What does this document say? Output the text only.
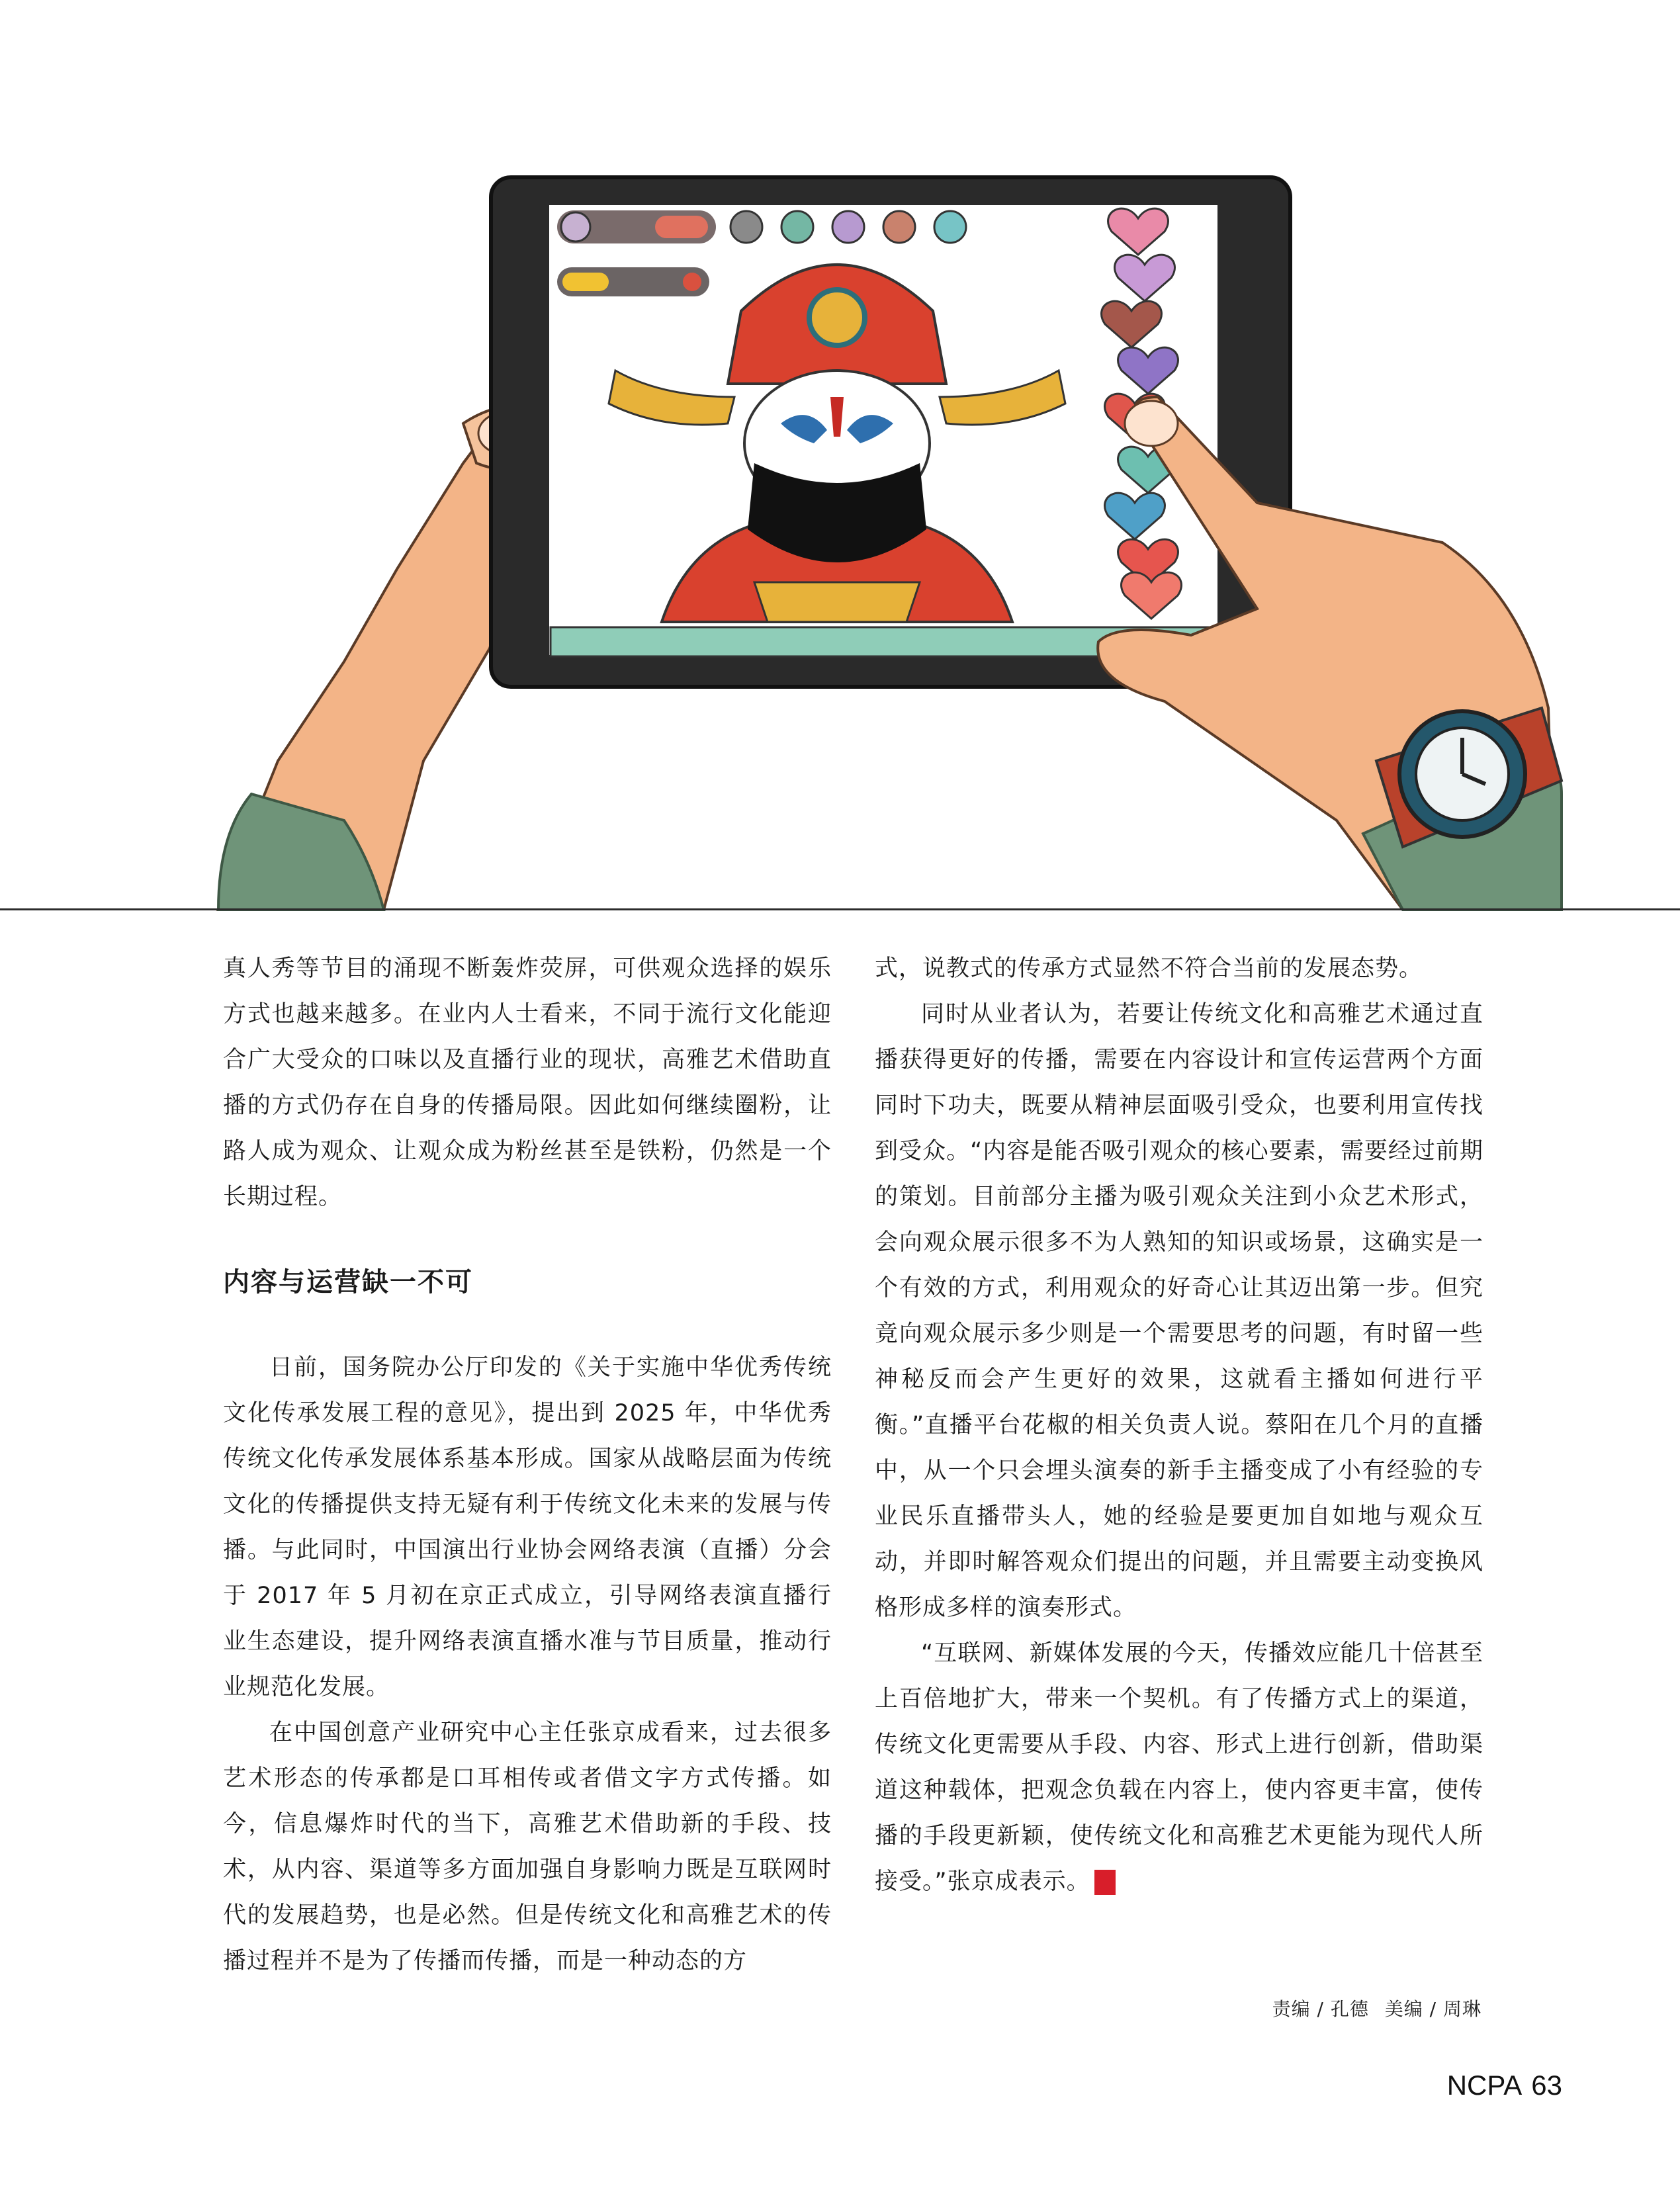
真人秀等节目的涌现不断轰炸荧屏，可供观众选择的娱乐方式也越来越多。在业内人士看来，不同于流行文化能迎合广大受众的口味以及直播行业的现状，高雅艺术借助直播的方式仍存在自身的传播局限。因此如何继续圈粉，让路人成为观众、让观众成为粉丝甚至是铁粉，仍然是一个长期过程。

内容与运营缺一不可

日前，国务院办公厅印发的《关于实施中华优秀传统文化传承发展工程的意见》，提出到 2025 年，中华优秀传统文化传承发展体系基本形成。国家从战略层面为传统文化的传播提供支持无疑有利于传统文化未来的发展与传播。与此同时，中国演出行业协会网络表演（直播）分会于 2017 年 5 月初在京正式成立，引导网络表演直播行业生态建设，提升网络表演直播水准与节目质量，推动行业规范化发展。

在中国创意产业研究中心主任张京成看来，过去很多艺术形态的传承都是口耳相传或者借文字方式传播。如今，信息爆炸时代的当下，高雅艺术借助新的手段、技术，从内容、渠道等多方面加强自身影响力既是互联网时代的发展趋势，也是必然。但是传统文化和高雅艺术的传播过程并不是为了传播而传播，而是一种动态的方

式，说教式的传承方式显然不符合当前的发展态势。

同时从业者认为，若要让传统文化和高雅艺术通过直播获得更好的传播，需要在内容设计和宣传运营两个方面同时下功夫，既要从精神层面吸引受众，也要利用宣传找到受众。“内容是能否吸引观众的核心要素，需要经过前期的策划。目前部分主播为吸引观众关注到小众艺术形式，会向观众展示很多不为人熟知的知识或场景，这确实是一个有效的方式，利用观众的好奇心让其迈出第一步。但究竟向观众展示多少则是一个需要思考的问题，有时留一些神秘反而会产生更好的效果，这就看主播如何进行平衡。”直播平台花椒的相关负责人说。蔡阳在几个月的直播中，从一个只会埋头演奏的新手主播变成了小有经验的专业民乐直播带头人，她的经验是要更加自如地与观众互动，并即时解答观众们提出的问题，并且需要主动变换风格形成多样的演奏形式。

“互联网、新媒体发展的今天，传播效应能几十倍甚至上百倍地扩大，带来一个契机。有了传播方式上的渠道，传统文化更需要从手段、内容、形式上进行创新，借助渠道这种载体，把观念负载在内容上，使内容更丰富，使传播的手段更新颖，使传统文化和高雅艺术更能为现代人所接受。”张京成表示。	NCPA

责编 / 孔德 美编 / 周琳
NCPA 63
